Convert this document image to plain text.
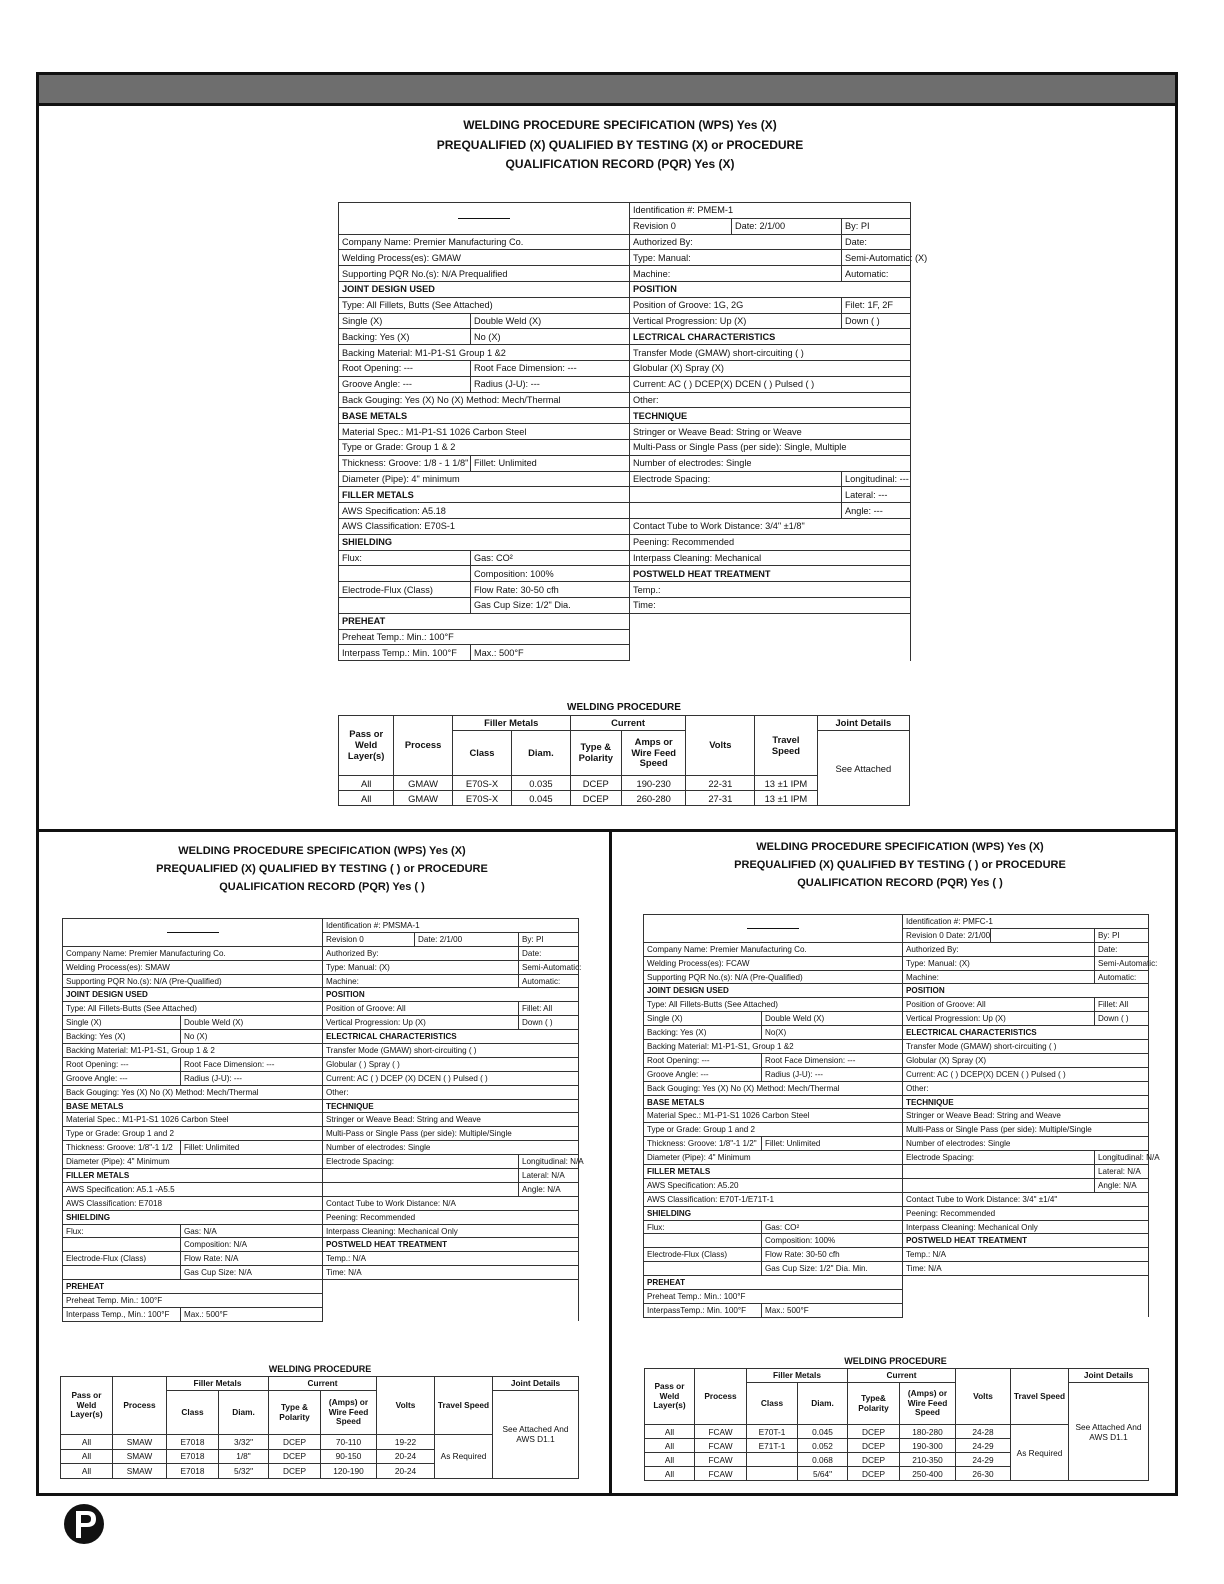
WELDING PROCEDURE SPECIFICATION (WPS) Yes (X)
PREQUALIFIED (X) QUALIFIED BY TESTING (X) or PROCEDURE
QUALIFICATION RECORD (PQR) Yes (X)
		Identification #: PMEM-1		
		Revision 0	Date: 2/1/00	By: PI
Company Name: Premier Manufacturing Co.		Authorized By:		Date:
Welding Process(es): GMAW		Type: Manual:		Semi-Automatic: (X)
Supporting PQR No.(s): N/A Prequalified		Machine:		Automatic:
JOINT DESIGN USED		POSITION		
Type: All Fillets, Butts (See Attached)		Position of Groove: 1G, 2G		Filet: 1F, 2F
Single (X)	Double Weld (X)	Vertical Progression: Up (X)		Down ( )
Backing: Yes (X)	No (X)	LECTRICAL CHARACTERISTICS		
Backing Material: M1-P1-S1 Group 1 &2		Transfer Mode (GMAW) short-circuiting ( )		
Root Opening: ---	Root Face Dimension: ---	Globular (X) Spray (X)		
Groove Angle: ---	Radius (J-U): ---	Current: AC ( ) DCEP(X) DCEN ( ) Pulsed ( )		
Back Gouging: Yes (X) No (X) Method: Mech/Thermal		Other:		
BASE METALS		TECHNIQUE		
Material Spec.: M1-P1-S1 1026 Carbon Steel		Stringer or Weave Bead: String or Weave		
Type or Grade: Group 1 & 2		Multi-Pass or Single Pass (per side): Single, Multiple		
Thickness: Groove: 1/8 - 1 1/8"	Fillet: Unlimited	Number of electrodes: Single		
Diameter (Pipe): 4" minimum		Electrode Spacing:		Longitudinal: ---
FILLER METALS				Lateral: ---
AWS Specification: A5.18				Angle: ---
AWS Classification: E70S-1		Contact Tube to Work Distance: 3/4" ±1/8"		
SHIELDING		Peening: Recommended		
Flux:	Gas: CO²	Interpass Cleaning: Mechanical		
	Composition: 100%	POSTWELD HEAT TREATMENT		
Electrode-Flux (Class)	Flow Rate: 30-50 cfh	Temp.:		
	Gas Cup Size: 1/2" Dia.	Time:		
PREHEAT				
Preheat Temp.: Min.: 100°F				
Interpass Temp.: Min. 100°F	Max.: 500°F			
WELDING PROCEDURE
Pass or Weld Layer(s)	Process	Filler Metals		Current		Volts	Travel Speed	Joint Details
		Class	Diam.	Type & Polarity	Amps or Wire Feed Speed			See Attached
All	GMAW	E70S-X	0.035	DCEP	190-230	22-31	13 ±1 IPM	
All	GMAW	E70S-X	0.045	DCEP	260-280	27-31	13 ±1 IPM	
WELDING PROCEDURE SPECIFICATION (WPS) Yes (X)
PREQUALIFIED (X) QUALIFIED BY TESTING ( ) or PROCEDURE
QUALIFICATION RECORD (PQR) Yes ( )
		Identification #: PMSMA-1		
		Revision 0	Date: 2/1/00	By: PI
Company Name: Premier Manufacturing Co.		Authorized By:		Date:
Welding Process(es): SMAW		Type: Manual: (X)		Semi-Automatic:
Supporting PQR No.(s): N/A (Pre-Qualified)		Machine:		Automatic:
JOINT DESIGN USED		POSITION		
Type: All Fillets-Butts (See Attached)		Position of Groove: All		Fillet: All
Single (X)	Double Weld (X)	Vertical Progression: Up (X)		Down ( )
Backing: Yes (X)	No (X)	ELECTRICAL CHARACTERISTICS		
Backing Material: M1-P1-S1, Group 1 & 2		Transfer Mode (GMAW) short-circuiting ( )		
Root Opening: ---	Root Face Dimension: ---	Globular ( ) Spray ( )		
Groove Angle: ---	Radius (J-U): ---	Current: AC ( ) DCEP (X) DCEN ( ) Pulsed ( )		
Back Gouging: Yes (X) No (X) Method: Mech/Thermal		Other:		
BASE METALS		TECHNIQUE		
Material Spec.: M1-P1-S1 1026 Carbon Steel		Stringer or Weave Bead: String and Weave		
Type or Grade: Group 1 and 2		Multi-Pass or Single Pass (per side): Multiple/Single		
Thickness: Groove: 1/8"-1 1/2	Fillet: Unlimited	Number of electrodes: Single		
Diameter (Pipe): 4" Minimum		Electrode Spacing:		Longitudinal: N/A
FILLER METALS				Lateral: N/A
AWS Specification: A5.1 -A5.5				Angle: N/A
AWS Classification: E7018		Contact Tube to Work Distance: N/A		
SHIELDING		Peening: Recommended		
Flux:	Gas: N/A	Interpass Cleaning: Mechanical Only		
	Composition: N/A	POSTWELD HEAT TREATMENT		
Electrode-Flux (Class)	Flow Rate: N/A	Temp.: N/A		
	Gas Cup Size: N/A	Time: N/A		
PREHEAT				
Preheat Temp. Min.: 100°F				
Interpass Temp., Min.: 100°F	Max.: 500°F			
WELDING PROCEDURE
Pass or Weld Layer(s)	Process	Filler Metals		Current		Volts	Travel Speed	Joint Details
		Class	Diam.	Type & Polarity	(Amps) or Wire Feed Speed			See Attached And AWS D1.1
All	SMAW	E7018	3/32"	DCEP	70-110	19-22	As Required	
All	SMAW	E7018	1/8"	DCEP	90-150	20-24		
All	SMAW	E7018	5/32"	DCEP	120-190	20-24		
WELDING PROCEDURE SPECIFICATION (WPS) Yes (X)
PREQUALIFIED (X) QUALIFIED BY TESTING ( ) or PROCEDURE
QUALIFICATION RECORD (PQR) Yes ( )
		Identification #: PMFC-1		
		Revision 0 Date: 2/1/00		By: PI
Company Name: Premier Manufacturing Co.		Authorized By:		Date:
Welding Process(es): FCAW		Type: Manual: (X)		Semi-Automatic:
Supporting PQR No.(s): N/A (Pre-Qualified)		Machine:		Automatic:
JOINT DESIGN USED		POSITION		
Type: All Fillets-Butts (See Attached)		Position of Groove: All		Fillet: All
Single (X)	Double Weld (X)	Vertical Progression: Up (X)		Down ( )
Backing: Yes (X)	No(X)	ELECTRICAL CHARACTERISTICS		
Backing Material: M1-P1-S1, Group 1 &2		Transfer Mode (GMAW) short-circuiting ( )		
Root Opening: ---	Root Face Dimension: ---	Globular (X) Spray (X)		
Groove Angle: ---	Radius (J-U): ---	Current: AC ( ) DCEP(X) DCEN ( ) Pulsed ( )		
Back Gouging: Yes (X) No (X) Method: Mech/Thermal		Other:		
BASE METALS		TECHNIQUE		
Material Spec.: M1-P1-S1 1026 Carbon Steel		Stringer or Weave Bead: String and Weave		
Type or Grade: Group 1 and 2		Multi-Pass or Single Pass (per side): Multiple/Single		
Thickness: Groove: 1/8"-1 1/2"	Fillet: Unlimited	Number of electrodes: Single		
Diameter (Pipe): 4" Minimum		Electrode Spacing:		Longitudinal: N/A
FILLER METALS				Lateral: N/A
AWS Specification: A5.20				Angle: N/A
AWS Classification: E70T-1/E71T-1		Contact Tube to Work Distance: 3/4" ±1/4"		
SHIELDING		Peening: Recommended		
Flux:	Gas: CO²	Interpass Cleaning: Mechanical Only		
	Composition: 100%	POSTWELD HEAT TREATMENT		
Electrode-Flux (Class)	Flow Rate: 30-50 cfh	Temp.: N/A		
	Gas Cup Size: 1/2" Dia. Min.	Time: N/A		
PREHEAT				
Preheat Temp.: Min.: 100°F				
InterpassTemp.: Min. 100°F	Max.: 500°F			
WELDING PROCEDURE
Pass or Weld Layer(s)	Process	Filler Metals		Current		Volts	Travel Speed	Joint Details
		Class	Diam.	Type& Polarity	(Amps) or Wire Feed Speed			See Attached And AWS D1.1
All	FCAW	E70T-1	0.045	DCEP	180-280	24-28	As Required	
All	FCAW	E71T-1	0.052	DCEP	190-300	24-29		
All	FCAW		0.068	DCEP	210-350	24-29		
All	FCAW		5/64"	DCEP	250-400	26-30		
